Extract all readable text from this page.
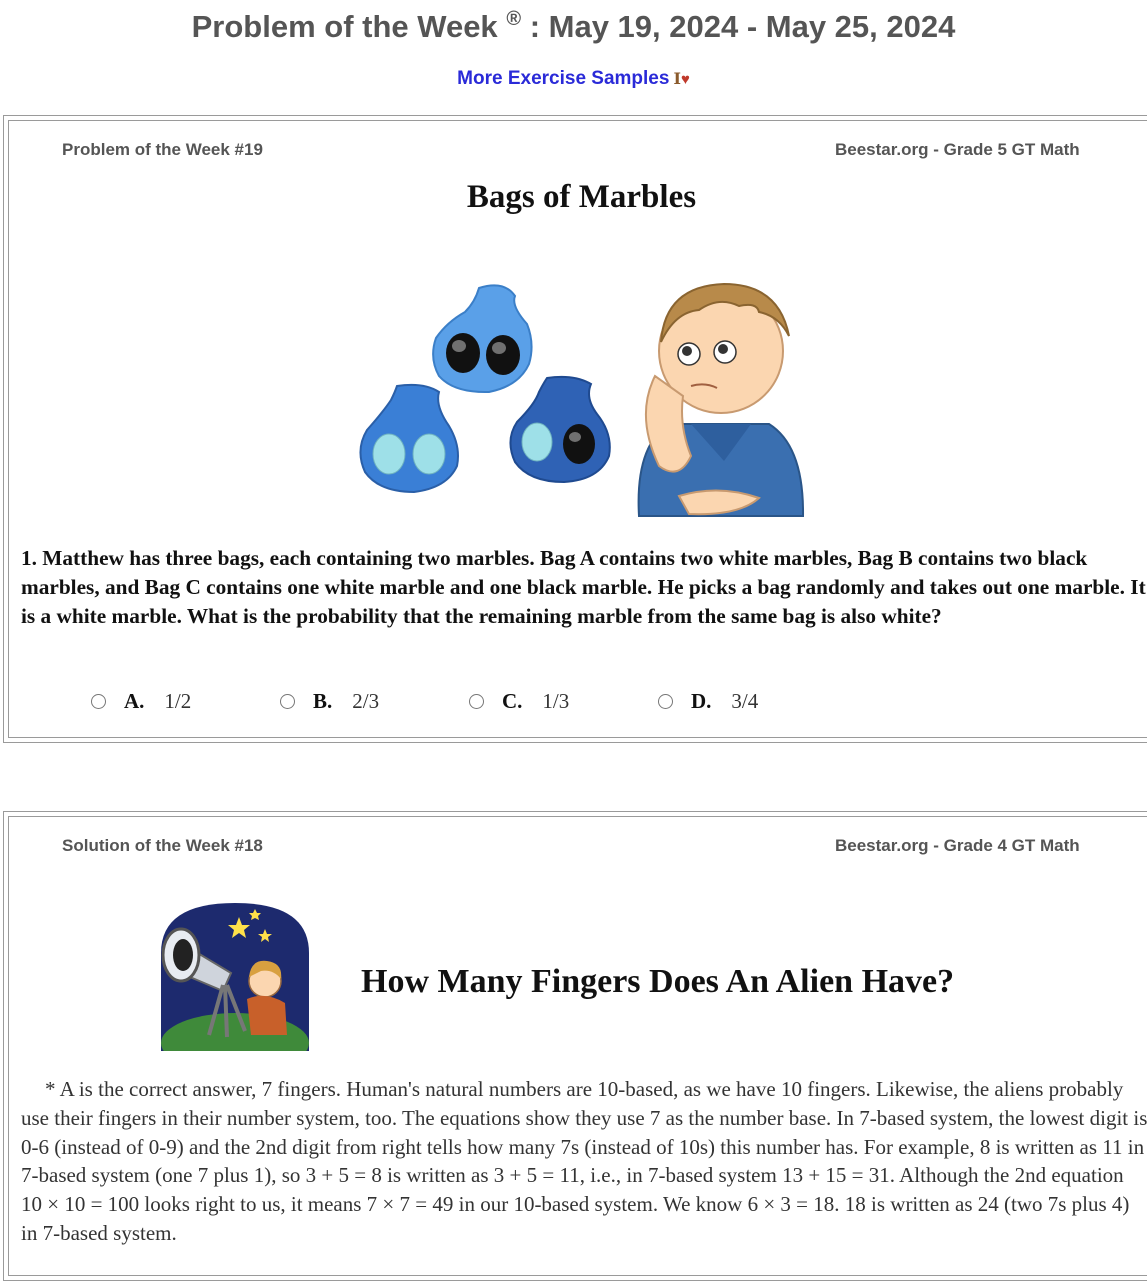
Problem of the Week ® : May 19, 2024 - May 25, 2024
More Exercise Samples I♥
Problem of the Week #19	Beestar.org - Grade 5 GT Math
Bags of Marbles

1. Matthew has three bags, each containing two marbles. Bag A contains two white marbles, Bag B contains two black marbles, and Bag C contains one white marble and one black marble. He picks a bag randomly and takes out one marble. It is a white marble. What is the probability that the remaining marble from the same bag is also white?

A. 1/2	B. 2/3	C. 1/3	D. 3/4
Solution of the Week #18	Beestar.org - Grade 4 GT Math
How Many Fingers Does An Alien Have?

* A is the correct answer, 7 fingers. Human's natural numbers are 10-based, as we have 10 fingers. Likewise, the aliens probably use their fingers in their number system, too. The equations show they use 7 as the number base. In 7-based system, the lowest digit is 0-6 (instead of 0-9) and the 2nd digit from right tells how many 7s (instead of 10s) this number has. For example, 8 is written as 11 in 7-based system (one 7 plus 1), so 3 + 5 = 8 is written as 3 + 5 = 11, i.e., in 7-based system 13 + 15 = 31. Although the 2nd equation 10 × 10 = 100 looks right to us, it means 7 × 7 = 49 in our 10-based system. We know 6 × 3 = 18. 18 is written as 24 (two 7s plus 4) in 7-based system.
